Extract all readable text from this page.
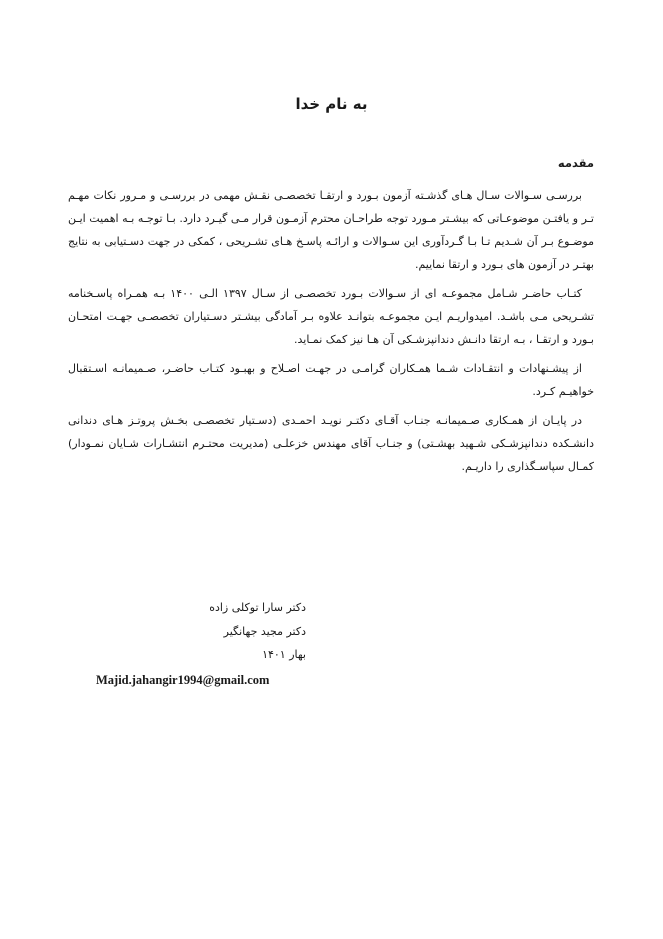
به نام خدا
مقدمه

بررسـی سـوالات سـال هـای گذشـته آزمون بـورد و ارتقـا تخصصـی نقـش مهمی در بررسـی و مـرور نکات مهـم تـر و یافتـن موضوعـاتی که بیشـتر مـورد توجه طراحـان محترم آزمـون قرار مـی گیـرد دارد. بـا توجـه بـه اهمیت ایـن موضـوع بـر آن شـدیم تـا بـا گـردآوری این سـوالات و ارائـه پاسـخ هـای تشـریحی ، کمکی در جهت دسـتیابی به نتایج بهتـر در آزمون های بـورد و ارتقا نماییم.

کتـاب حاضـر شـامل مجموعـه ای از سـوالات بـورد تخصصـی از سـال ۱۳۹۷ الـی ۱۴۰۰ بـه همـراه پاسـخنامه تشـریحی مـی باشـد. امیدواریـم ایـن مجموعـه بتوانـد علاوه بـر آمادگی بیشـتر دسـتیاران تخصصـی جهـت امتحـان بـورد و ارتقـا ، بـه ارتقا دانـش دندانپزشـکی آن هـا نیز کمک نمـاید.

از پیشـنهادات و انتقـادات شـما همـکاران گرامـی در جهـت اصـلاح و بهبـود کتـاب حاضـر، صـمیمانـه اسـتقبال خواهیـم کـرد.

در پایـان از همـکاری صـمیمانـه جنـاب آقـای دکتـر نویـد احمـدی (دسـتیار تخصصـی بخـش پروتـز هـای دندانی دانشـکده دندانپزشـکی شـهید بهشـتی) و جنـاب آقای مهندس خزعلـی (مدیریت محتـرم انتشـارات شـایان نمـودار) کمـال سپاسـگذاری را داریـم.

دکتر سارا توکلی زاده
دکتر مجید جهانگیر
بهار ۱۴۰۱
Majid.jahangir1994@gmail.com
